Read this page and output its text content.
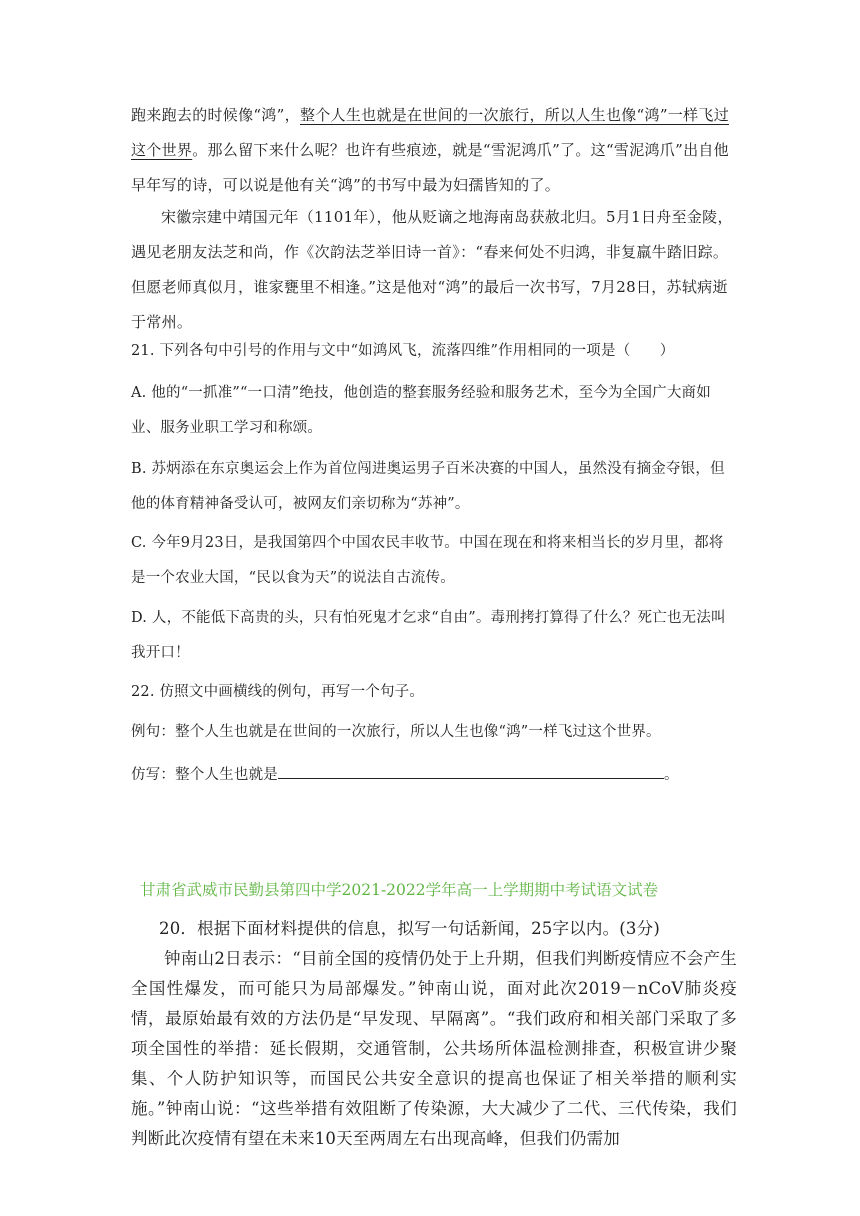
跑来跑去的时候像“鸿”，整个人生也就是在世间的一次旅行，所以人生也像“鸿”一样飞过这个世界。那么留下来什么呢？也许有些痕迹，就是“雪泥鸿爪”了。这“雪泥鸿爪”出自他早年写的诗，可以说是他有关“鸿”的书写中最为妇孺皆知的了。
宋徽宗建中靖国元年（1101年），他从贬谪之地海南岛获赦北归。5月1日舟至金陵，遇见老朋友法芝和尚，作《次韵法芝举旧诗一首》：“春来何处不归鸿，非复羸牛踏旧踪。但愿老师真似月，谁家甕里不相逢。”这是他对“鸿”的最后一次书写，7月28日，苏轼病逝于常州。
21. 下列各句中引号的作用与文中“如鸿风飞，流落四维”作用相同的一项是（　　）
A. 他的“一抓准”“一口清”绝技，他创造的整套服务经验和服务艺术，至今为全国广大商如业、服务业职工学习和称颂。
B. 苏炳添在东京奥运会上作为首位闯进奥运男子百米决赛的中国人，虽然没有摘金夺银，但他的体育精神备受认可，被网友们亲切称为“苏神”。
C. 今年9月23日，是我国第四个中国农民丰收节。中国在现在和将来相当长的岁月里，都将是一个农业大国，“民以食为天”的说法自古流传。
D. 人，不能低下高贵的头，只有怕死鬼才乞求“自由”。毒刑拷打算得了什么？死亡也无法叫我开口！
22. 仿照文中画横线的例句，再写一个句子。
例句：整个人生也就是在世间的一次旅行，所以人生也像“鸿”一样飞过这个世界。
仿写：整个人生也就是	。
甘肃省武威市民勤县第四中学2021-2022学年高一上学期期中考试语文试卷
20．根据下面材料提供的信息，拟写一句话新闻，25字以内。(3分)
钟南山2日表示：“目前全国的疫情仍处于上升期，但我们判断疫情应不会产生全国性爆发，而可能只为局部爆发。”钟南山说，面对此次2019－nCoV肺炎疫情，最原始最有效的方法仍是“早发现、早隔离”。“我们政府和相关部门采取了多项全国性的举措：延长假期，交通管制，公共场所体温检测排查，积极宣讲少聚集、个人防护知识等，而国民公共安全意识的提高也保证了相关举措的顺利实施。”钟南山说：“这些举措有效阻断了传染源，大大减少了二代、三代传染，我们判断此次疫情有望在未来10天至两周左右出现高峰，但我们仍需加
